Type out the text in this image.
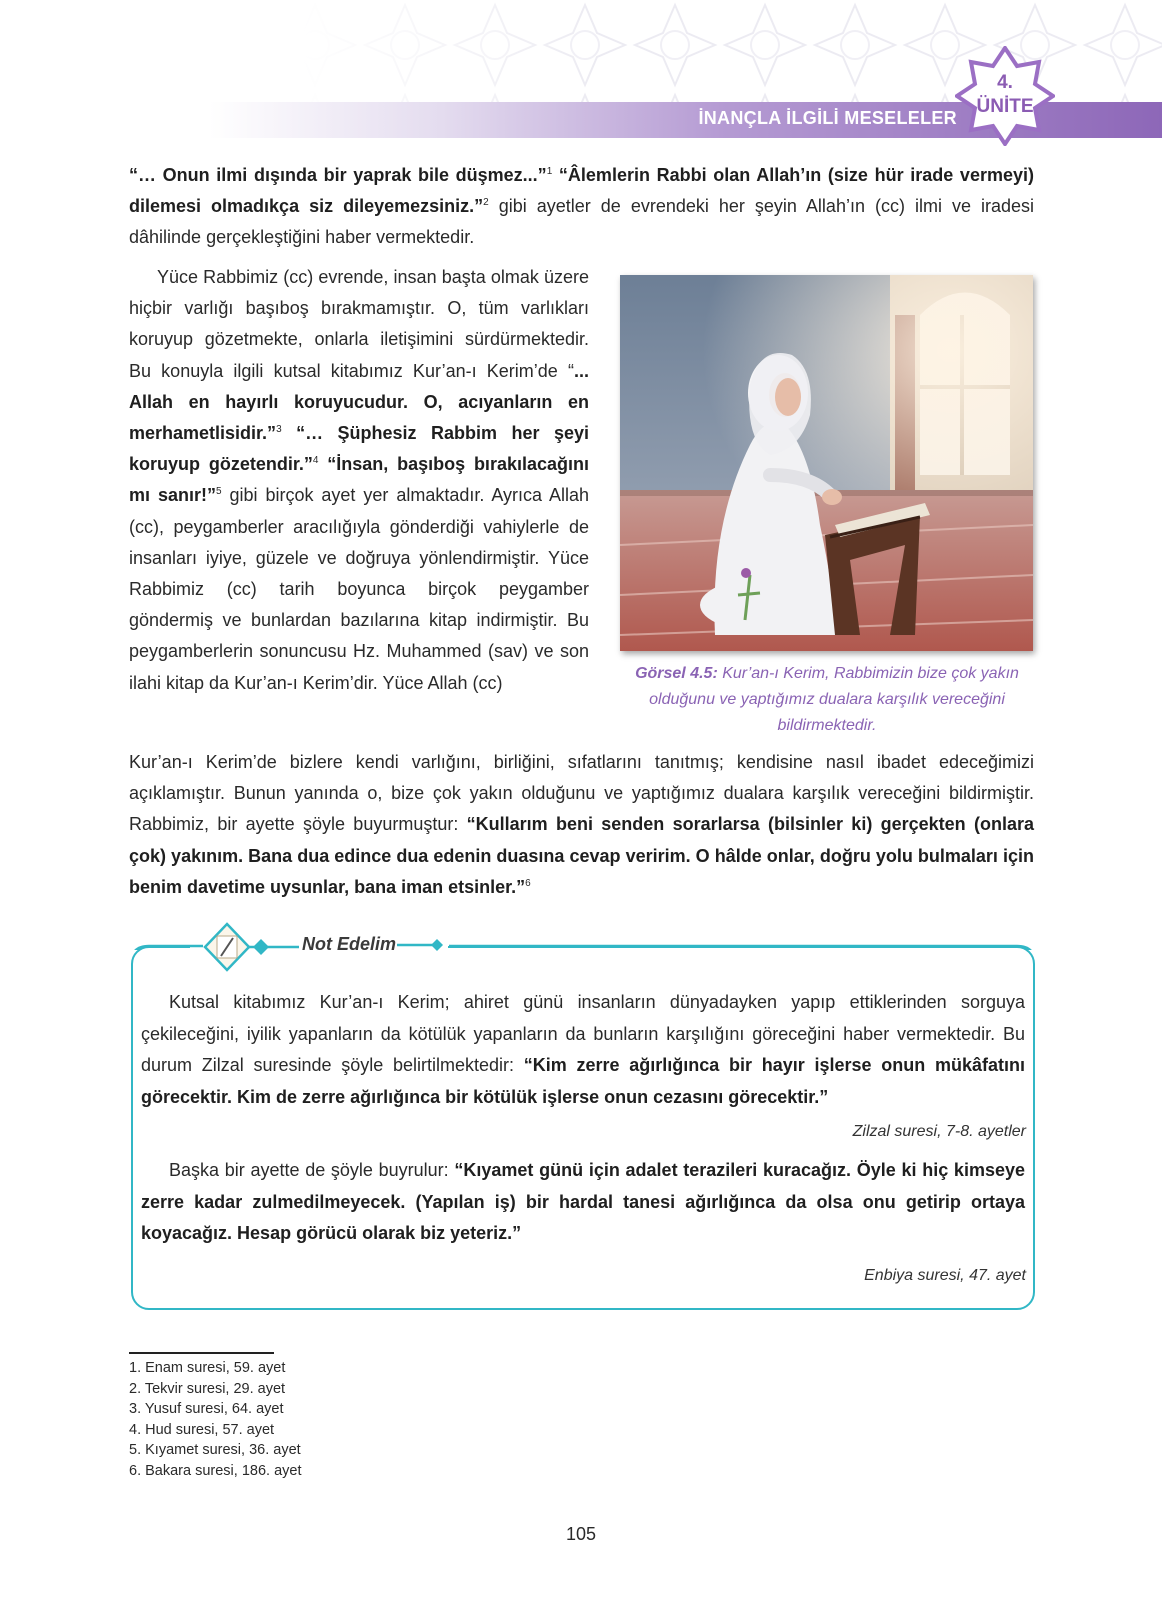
İNANÇLA İLGİLİ MESELELER
4.
ÜNİTE

“… Onun ilmi dışında bir yaprak bile düşmez...”$^1$ “Âlemlerin Rabbi olan Allah’ın (size hür irade vermeyi) dilemesi olmadıkça siz dileyemezsiniz.”$^2$ gibi ayetler de evrendeki her şeyin Allah’ın (cc) ilmi ve iradesi dâhilinde gerçekleştiğini haber vermektedir.

Yüce Rabbimiz (cc) evrende, insan başta olmak üzere hiçbir varlığı başıboş bırakmamıştır. O, tüm varlıkları koruyup gözetmekte, onlarla iletişimini sürdürmektedir. Bu konuyla ilgili kutsal kitabımız Kur’an-ı Kerim’de “... Allah en hayırlı koruyucudur. O, acıyanların en merhametlisidir.”$^3$ “… Şüphesiz Rabbim her şeyi koruyup gözetendir.”$^4$ “İnsan, başıboş bırakılacağını mı sanır!”$^5$ gibi birçok ayet yer almaktadır. Ayrıca Allah (cc), peygamberler aracılığıyla gönderdiği vahiylerle de insanları iyiye, güzele ve doğruya yönlendirmiştir. Yüce Rabbimiz (cc) tarih boyunca birçok peygamber göndermiş ve bunlardan bazılarına kitap indirmiştir. Bu peygamberlerin sonuncusu Hz. Muhammed (sav) ve son ilahi kitap da Kur’an-ı Kerim’dir. Yüce Allah (cc)	Görsel 4.5: Kur’an-ı Kerim, Rabbimizin bize çok yakın olduğunu ve yaptığımız dualara karşılık vereceğini bildirmektedir.

Kur’an-ı Kerim’de bizlere kendi varlığını, birliğini, sıfatlarını tanıtmış; kendisine nasıl ibadet edeceğimizi açıklamıştır. Bunun yanında o, bize çok yakın olduğunu ve yaptığımız dualara karşılık vereceğini bildirmiştir. Rabbimiz, bir ayette şöyle buyurmuştur: “Kullarım beni senden sorarlarsa (bilsinler ki) gerçekten (onlara çok) yakınım. Bana dua edince dua edenin duasına cevap veririm. O hâlde onlar, doğru yolu bulmaları için benim davetime uysunlar, bana iman etsinler.”$^6$

Not Edelim

Kutsal kitabımız Kur’an-ı Kerim; ahiret günü insanların dünyadayken yapıp ettiklerinden sorguya çekileceğini, iyilik yapanların da kötülük yapanların da bunların karşılığını göreceğini haber vermektedir. Bu durum Zilzal suresinde şöyle belirtilmektedir: “Kim zerre ağırlığınca bir hayır işlerse onun mükâfatını görecektir. Kim de zerre ağırlığınca bir kötülük işlerse onun cezasını görecektir.”

Zilzal suresi, 7-8. ayetler

Başka bir ayette de şöyle buyrulur: “Kıyamet günü için adalet terazileri kuracağız. Öyle ki hiç kimseye zerre kadar zulmedilmeyecek. (Yapılan iş) bir hardal tanesi ağırlığınca da olsa onu getirip ortaya koyacağız. Hesap görücü olarak biz yeteriz.”

Enbiya suresi, 47. ayet

1. Enam suresi, 59. ayet
2. Tekvir suresi, 29. ayet
3. Yusuf suresi, 64. ayet
4. Hud suresi, 57. ayet
5. Kıyamet suresi, 36. ayet
6. Bakara suresi, 186. ayet
105
